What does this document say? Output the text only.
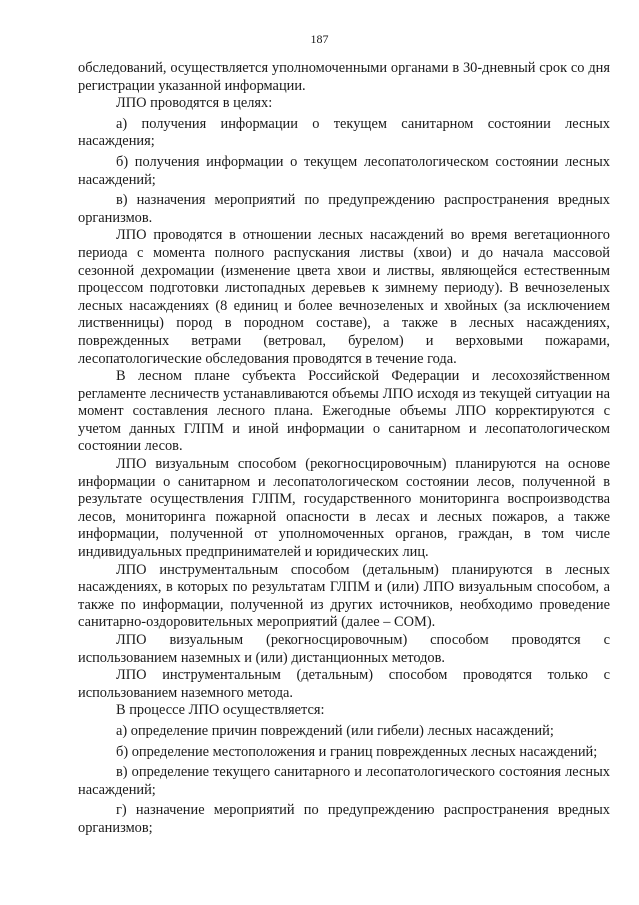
187

обследований, осуществляется уполномоченными органами в 30-дневный срок со дня регистрации указанной информации.

ЛПО проводятся в целях:

а) получения информации о текущем санитарном состоянии лесных насаждения;

б) получения информации о текущем лесопатологическом состоянии лесных насаждений;

в) назначения мероприятий по предупреждению распространения вредных организмов.

ЛПО проводятся в отношении лесных насаждений во время вегетационного периода с момента полного распускания листвы (хвои) и до начала массовой сезонной дехромации (изменение цвета хвои и листвы, являющейся естественным процессом подготовки листопадных деревьев к зимнему периоду). В вечнозеленых лесных насаждениях (8 единиц и более вечнозеленых и хвойных (за исключением лиственницы) пород в породном составе), а также в лесных насаждениях, поврежденных ветрами (ветровал, бурелом) и верховыми пожарами, лесопатологические обследования проводятся в течение года.

В лесном плане субъекта Российской Федерации и лесохозяйственном регламенте лесничеств устанавливаются объемы ЛПО исходя из текущей ситуации на момент составления лесного плана. Ежегодные объемы ЛПО корректируются с учетом данных ГЛПМ и иной информации о санитарном и лесопатологическом состоянии лесов.

ЛПО визуальным способом (рекогносцировочным) планируются на основе информации о санитарном и лесопатологическом состоянии лесов, полученной в результате осуществления ГЛПМ, государственного мониторинга воспроизводства лесов, мониторинга пожарной опасности в лесах и лесных пожаров, а также информации, полученной от уполномоченных органов, граждан, в том числе индивидуальных предпринимателей и юридических лиц.

ЛПО инструментальным способом (детальным) планируются в лесных насаждениях, в которых по результатам ГЛПМ и (или) ЛПО визуальным способом, а также по информации, полученной из других источников, необходимо проведение санитарно-оздоровительных мероприятий (далее – СОМ).

ЛПО визуальным (рекогносцировочным) способом проводятся с использованием наземных и (или) дистанционных методов.

ЛПО инструментальным (детальным) способом проводятся только с использованием наземного метода.

В процессе ЛПО осуществляется:

а) определение причин повреждений (или гибели) лесных насаждений;

б) определение местоположения и границ поврежденных лесных насаждений;

в) определение текущего санитарного и лесопатологического состояния лесных насаждений;

г) назначение мероприятий по предупреждению распространения вредных организмов;
